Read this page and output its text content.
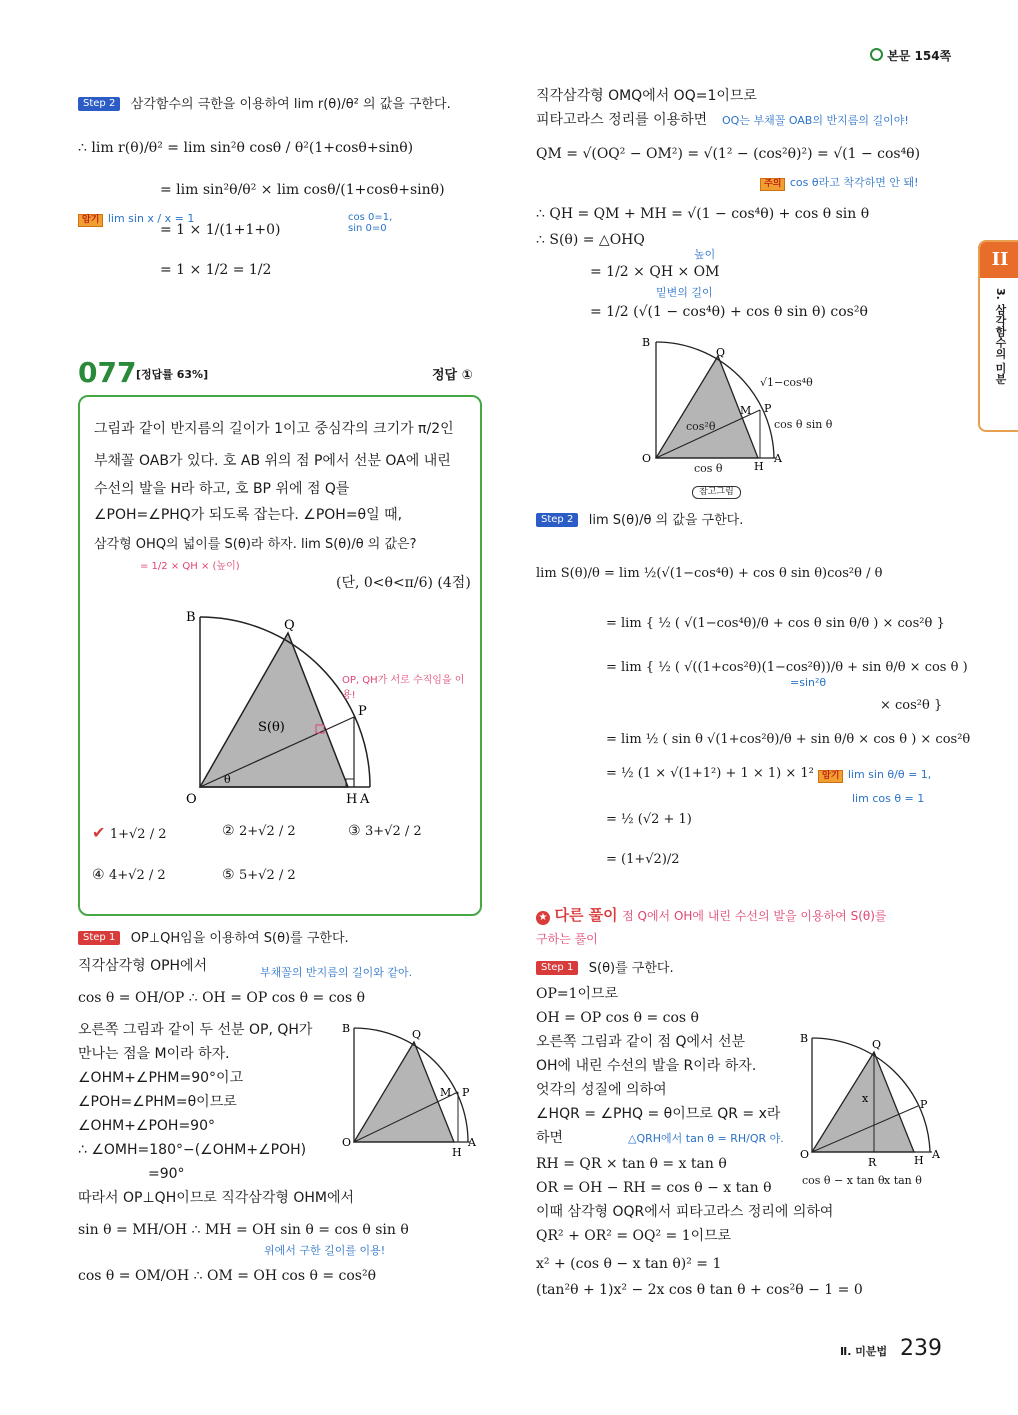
본문 154쪽
II
3. 삼각함수의 미분
Ⅱ. 미분법 239
Step 2 삼각함수의 극한을 이용하여 lim r(θ)/θ² 의 값을 구한다.
∴ lim r(θ)/θ² = lim sin²θ cosθ / θ²(1+cosθ+sinθ)
= lim sin²θ/θ² × lim cosθ/(1+cosθ+sinθ)
= 1 × 1/(1+1+0)
= 1 × 1/2 = 1/2
암기 lim sin x / x = 1	cos 0=1, sin 0=0
077 [정답률 63%]	정답 ①
그림과 같이 반지름의 길이가 1이고 중심각의 크기가 π/2인
부채꼴 OAB가 있다. 호 AB 위의 점 P에서 선분 OA에 내린
수선의 발을 H라 하고, 호 BP 위에 점 Q를
∠POH=∠PHQ가 되도록 잡는다. ∠POH=θ일 때,
삼각형 OHQ의 넓이를 S(θ)라 하자. lim S(θ)/θ 의 값은?
= 1/2 × QH × (높이)
(단, 0<θ<π/6) (4점)
B
Q
P
O	H A
θ
S(θ)
OP, QH가 서로 수직임을 이용!
✔ 1+√2 / 2	② 2+√2 / 2	③ 3+√2 / 2
④ 4+√2 / 2	⑤ 5+√2 / 2
Step 1 OP⊥QH임을 이용하여 S(θ)를 구한다.
직각삼각형 OPH에서	부채꼴의 반지름의 길이와 같아.
cos θ = OH/OP ∴ OH = OP cos θ = cos θ
오른쪽 그림과 같이 두 선분 OP, QH가
만나는 점을 M이라 하자.
∠OHM+∠PHM=90°이고
∠POH=∠PHM=θ이므로
∠OHM+∠POH=90°
∴ ∠OMH=180°−(∠OHM+∠POH)
=90°
따라서 OP⊥QH이므로 직각삼각형 OHM에서
sin θ = MH/OH ∴ MH = OH sin θ = cos θ sin θ
위에서 구한 길이를 이용!
cos θ = OM/OH ∴ OM = OH cos θ = cos²θ
B	Q
M P
O
H
A
직각삼각형 OMQ에서 OQ=1이므로
피타고라스 정리를 이용하면 OQ는 부채꼴 OAB의 반지름의 길이야!
QM = √(OQ² − OM²) = √(1² − (cos²θ)²) = √(1 − cos⁴θ)
주의 cos θ라고 착각하면 안 돼!
∴ QH = QM + MH = √(1 − cos⁴θ) + cos θ sin θ
∴ S(θ) = △OHQ
높이
= 1/2 × QH × OM
밑변의 길이
= 1/2 (√(1 − cos⁴θ) + cos θ sin θ) cos²θ
B
Q
M P
O
H
A
√1−cos⁴θ
cos θ sin θ
cos²θ
cos θ
참고그림
Step 2 lim S(θ)/θ 의 값을 구한다.
lim S(θ)/θ = lim ½(√(1−cos⁴θ) + cos θ sin θ)cos²θ / θ
= lim { ½ ( √(1−cos⁴θ)/θ + cos θ sin θ/θ ) × cos²θ }
= lim { ½ ( √((1+cos²θ)(1−cos²θ))/θ + sin θ/θ × cos θ )
=sin²θ
× cos²θ }
= lim ½ ( sin θ √(1+cos²θ)/θ + sin θ/θ × cos θ ) × cos²θ
= ½ (1 × √(1+1²) + 1 × 1) × 1² 암기 lim sin θ/θ = 1,
lim cos θ = 1
= ½ (√2 + 1)
= (1+√2)/2
★ 다른 풀이 점 Q에서 OH에 내린 수선의 발을 이용하여 S(θ)를
구하는 풀이
Step 1 S(θ)를 구한다.
OP=1이므로
OH = OP cos θ = cos θ
오른쪽 그림과 같이 점 Q에서 선분
OH에 내린 수선의 발을 R이라 하자.
엇각의 성질에 의하여
∠HQR = ∠PHQ = θ이므로 QR = x라
하면	△QRH에서 tan θ = RH/QR 야.
RH = QR × tan θ = x tan θ
OR = OH − RH = cos θ − x tan θ
이때 삼각형 OQR에서 피타고라스 정리에 의하여
QR² + OR² = OQ² = 1이므로
x² + (cos θ − x tan θ)² = 1
(tan²θ + 1)x² − 2x cos θ tan θ + cos²θ − 1 = 0
B	Q
P
O
R	H A
x
cos θ − x tan θ x tan θ
